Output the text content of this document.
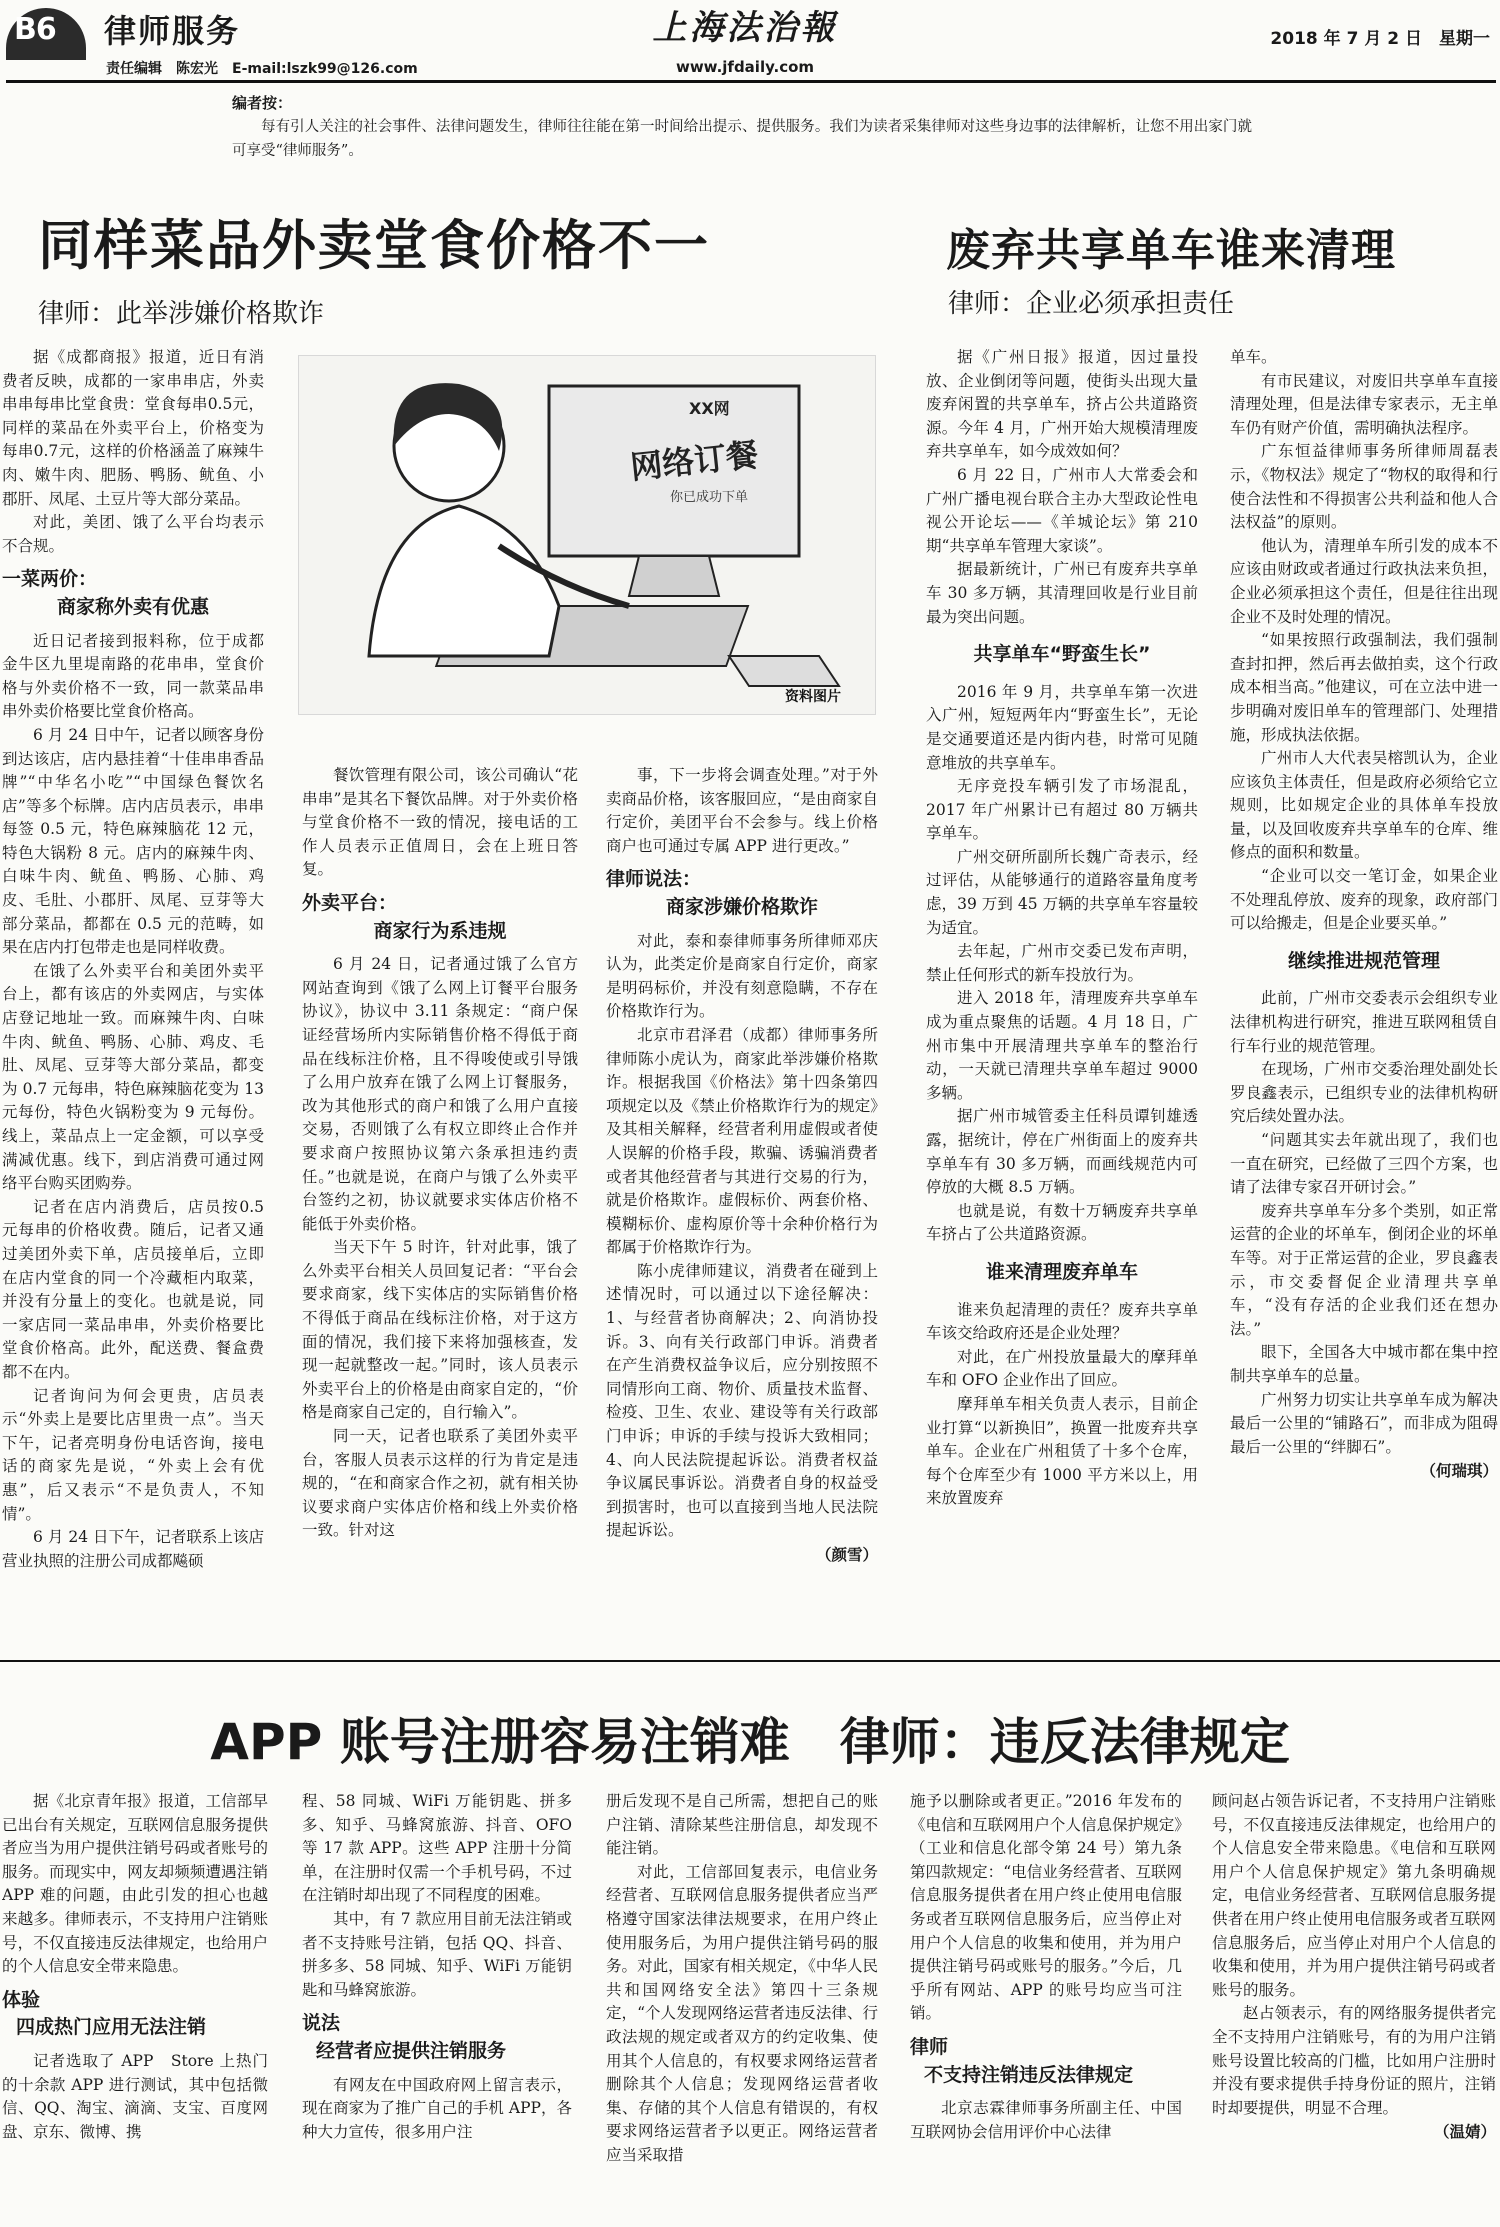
B6 律师服务
责任编辑　陈宏光　E-mail:lszk99@126.com
上海法治報
www.jfdaily.com
2018 年 7 月 2 日　星期一
编者按：
每有引人关注的社会事件、法律问题发生，律师往往能在第一时间给出提示、提供服务。我们为读者采集律师对这些身边事的法律解析，让您不用出家门就可享受“律师服务”。
同样菜品外卖堂食价格不一
律师：此举涉嫌价格欺诈
XX网
网络订餐
你已成功下单
资料图片

据《成都商报》报道，近日有消费者反映，成都的一家串串店，外卖串串每串比堂食贵：堂食每串0.5元，同样的菜品在外卖平台上，价格变为每串0.7元，这样的价格涵盖了麻辣牛肉、嫩牛肉、肥肠、鸭肠、鱿鱼、小郡肝、凤尾、土豆片等大部分菜品。

对此，美团、饿了么平台均表示不合规。

一菜两价：
商家称外卖有优惠

近日记者接到报料称，位于成都金牛区九里堤南路的花串串，堂食价格与外卖价格不一致，同一款菜品串串外卖价格要比堂食价格高。

6 月 24 日中午，记者以顾客身份到达该店，店内悬挂着“十佳串串香品牌”“中华名小吃”“中国绿色餐饮名店”等多个标牌。店内店员表示，串串每签 0.5 元，特色麻辣脑花 12 元，特色大锅粉 8 元。店内的麻辣牛肉、白味牛肉、鱿鱼、鸭肠、心肺、鸡皮、毛肚、小郡肝、凤尾、豆芽等大部分菜品，都都在 0.5 元的范畴，如果在店内打包带走也是同样收费。

在饿了么外卖平台和美团外卖平台上，都有该店的外卖网店，与实体店登记地址一致。而麻辣牛肉、白味牛肉、鱿鱼、鸭肠、心肺、鸡皮、毛肚、凤尾、豆芽等大部分菜品，都变为 0.7 元每串，特色麻辣脑花变为 13 元每份，特色火锅粉变为 9 元每份。线上，菜品点上一定金额，可以享受满减优惠。线下，到店消费可通过网络平台购买团购券。

记者在店内消费后，店员按0.5 元每串的价格收费。随后，记者又通过美团外卖下单，店员接单后，立即在店内堂食的同一个冷藏柜内取菜，并没有分量上的变化。也就是说，同一家店同一菜品串串，外卖价格要比堂食价格高。此外，配送费、餐盒费都不在内。

记者询问为何会更贵，店员表示“外卖上是要比店里贵一点”。当天下午，记者亮明身份电话咨询，接电话的商家先是说，“外卖上会有优惠”，后又表示“不是负责人，不知情”。

6 月 24 日下午，记者联系上该店营业执照的注册公司成都飚硕

餐饮管理有限公司，该公司确认“花串串”是其名下餐饮品牌。对于外卖价格与堂食价格不一致的情况，接电话的工作人员表示正值周日，会在上班日答复。

外卖平台：
商家行为系违规

6 月 24 日，记者通过饿了么官方网站查询到《饿了么网上订餐平台服务协议》，协议中 3.11 条规定：“商户保证经营场所内实际销售价格不得低于商品在线标注价格，且不得唆使或引导饿了么用户放弃在饿了么网上订餐服务，改为其他形式的商户和饿了么用户直接交易，否则饿了么有权立即终止合作并要求商户按照协议第六条承担违约责任。”也就是说，在商户与饿了么外卖平台签约之初，协议就要求实体店价格不能低于外卖价格。

当天下午 5 时许，针对此事，饿了么外卖平台相关人员回复记者：“平台会要求商家，线下实体店的实际销售价格不得低于商品在线标注价格，对于这方面的情况，我们接下来将加强核查，发现一起就整改一起。”同时，该人员表示外卖平台上的价格是由商家自定的，“价格是商家自己定的，自行输入”。

同一天，记者也联系了美团外卖平台，客服人员表示这样的行为肯定是违规的，“在和商家合作之初，就有相关协议要求商户实体店价格和线上外卖价格一致。针对这

事，下一步将会调查处理。”对于外卖商品价格，该客服回应，“是由商家自行定价，美团平台不会参与。线上价格商户也可通过专属 APP 进行更改。”

律师说法：
商家涉嫌价格欺诈

对此，泰和泰律师事务所律师邓庆认为，此类定价是商家自行定价，商家是明码标价，并没有刻意隐瞒，不存在价格欺诈行为。

北京市君泽君（成都）律师事务所律师陈小虎认为，商家此举涉嫌价格欺诈。根据我国《价格法》第十四条第四项规定以及《禁止价格欺诈行为的规定》及其相关解释，经营者利用虚假或者使人误解的价格手段，欺骗、诱骗消费者或者其他经营者与其进行交易的行为，就是价格欺诈。虚假标价、两套价格、模糊标价、虚构原价等十余种价格行为都属于价格欺诈行为。

陈小虎律师建议，消费者在碰到上述情况时，可以通过以下途径解决：1、与经营者协商解决；2、向消协投诉。3、向有关行政部门申诉。消费者在产生消费权益争议后，应分别按照不同情形向工商、物价、质量技术监督、检疫、卫生、农业、建设等有关行政部门申诉；申诉的手续与投诉大致相同；4、向人民法院提起诉讼。消费者权益争议属民事诉讼。消费者自身的权益受到损害时，也可以直接到当地人民法院提起诉讼。

（颜雪）

废弃共享单车谁来清理
律师：企业必须承担责任

据《广州日报》报道，因过量投放、企业倒闭等问题，使街头出现大量废弃闲置的共享单车，挤占公共道路资源。今年 4 月，广州开始大规模清理废弃共享单车，如今成效如何？

6 月 22 日，广州市人大常委会和广州广播电视台联合主办大型政论性电视公开论坛——《羊城论坛》第 210 期“共享单车管理大家谈”。

据最新统计，广州已有废弃共享单车 30 多万辆，其清理回收是行业目前最为突出问题。

共享单车“野蛮生长”

2016 年 9 月，共享单车第一次进入广州，短短两年内“野蛮生长”，无论是交通要道还是内街内巷，时常可见随意堆放的共享单车。

无序竞投车辆引发了市场混乱，2017 年广州累计已有超过 80 万辆共享单车。

广州交研所副所长魏广奇表示，经过评估，从能够通行的道路容量角度考虑，39 万到 45 万辆的共享单车容量较为适宜。

去年起，广州市交委已发布声明，禁止任何形式的新车投放行为。

进入 2018 年，清理废弃共享单车成为重点聚焦的话题。4 月 18 日，广州市集中开展清理共享单车的整治行动，一天就已清理共享单车超过 9000 多辆。

据广州市城管委主任科员谭钊雄透露，据统计，停在广州街面上的废弃共享单车有 30 多万辆，而画线规范内可停放的大概 8.5 万辆。

也就是说，有数十万辆废弃共享单车挤占了公共道路资源。

谁来清理废弃单车

谁来负起清理的责任？废弃共享单车该交给政府还是企业处理？

对此，在广州投放量最大的摩拜单车和 OFO 企业作出了回应。

摩拜单车相关负责人表示，目前企业打算“以新换旧”，换置一批废弃共享单车。企业在广州租赁了十多个仓库，每个仓库至少有 1000 平方米以上，用来放置废弃

单车。

有市民建议，对废旧共享单车直接清理处理，但是法律专家表示，无主单车仍有财产价值，需明确执法程序。

广东恒益律师事务所律师周磊表示，《物权法》规定了“物权的取得和行使合法性和不得损害公共利益和他人合法权益”的原则。

他认为，清理单车所引发的成本不应该由财政或者通过行政执法来负担，企业必须承担这个责任，但是往往出现企业不及时处理的情况。

“如果按照行政强制法，我们强制查封扣押，然后再去做拍卖，这个行政成本相当高。”他建议，可在立法中进一步明确对废旧单车的管理部门、处理措施，形成执法依据。

广州市人大代表吴榕凯认为，企业应该负主体责任，但是政府必须给它立规则，比如规定企业的具体单车投放量，以及回收废弃共享单车的仓库、维修点的面积和数量。

“企业可以交一笔订金，如果企业不处理乱停放、废弃的现象，政府部门可以给搬走，但是企业要买单。”

继续推进规范管理

此前，广州市交委表示会组织专业法律机构进行研究，推进互联网租赁自行车行业的规范管理。

在现场，广州市交委治理处副处长罗良鑫表示，已组织专业的法律机构研究后续处置办法。

“问题其实去年就出现了，我们也一直在研究，已经做了三四个方案，也请了法律专家召开研讨会。”

废弃共享单车分多个类别，如正常运营的企业的坏单车，倒闭企业的坏单车等。对于正常运营的企业，罗良鑫表示，市交委督促企业清理共享单车，“没有存活的企业我们还在想办法。”

眼下，全国各大中城市都在集中控制共享单车的总量。

广州努力切实让共享单车成为解决最后一公里的“铺路石”，而非成为阻碍最后一公里的“绊脚石”。

（何瑞琪）

APP 账号注册容易注销难　律师：违反法律规定

据《北京青年报》报道，工信部早已出台有关规定，互联网信息服务提供者应当为用户提供注销号码或者账号的服务。而现实中，网友却频频遭遇注销 APP 难的问题，由此引发的担心也越来越多。律师表示，不支持用户注销账号，不仅直接违反法律规定，也给用户的个人信息安全带来隐患。

体验
四成热门应用无法注销

记者选取了 APP　Store 上热门的十余款 APP 进行测试，其中包括微信、QQ、淘宝、滴滴、支宝、百度网盘、京东、微博、携

程、58 同城、WiFi 万能钥匙、拼多多、知乎、马蜂窝旅游、抖音、OFO 等 17 款 APP。这些 APP 注册十分简单，在注册时仅需一个手机号码，不过在注销时却出现了不同程度的困难。

其中，有 7 款应用目前无法注销或者不支持账号注销，包括 QQ、抖音、拼多多、58 同城、知乎、WiFi 万能钥匙和马蜂窝旅游。

说法
经营者应提供注销服务

有网友在中国政府网上留言表示，现在商家为了推广自己的手机 APP，各种大力宣传，很多用户注

册后发现不是自己所需，想把自己的账户注销、清除某些注册信息，却发现不能注销。

对此，工信部回复表示，电信业务经营者、互联网信息服务提供者应当严格遵守国家法律法规要求，在用户终止使用服务后，为用户提供注销号码的服务。对此，国家有相关规定，《中华人民共和国网络安全法》第四十三条规定，“个人发现网络运营者违反法律、行政法规的规定或者双方的约定收集、使用其个人信息的，有权要求网络运营者删除其个人信息；发现网络运营者收集、存储的其个人信息有错误的，有权要求网络运营者予以更正。网络运营者应当采取措

施予以删除或者更正。”2016 年发布的《电信和互联网用户个人信息保护规定》（工业和信息化部令第 24 号）第九条第四款规定：“电信业务经营者、互联网信息服务提供者在用户终止使用电信服务或者互联网信息服务后，应当停止对用户个人信息的收集和使用，并为用户提供注销号码或账号的服务。”今后，几乎所有网站、APP 的账号均应当可注销。

律师
不支持注销违反法律规定

北京志霖律师事务所副主任、中国互联网协会信用评价中心法律

顾问赵占领告诉记者，不支持用户注销账号，不仅直接违反法律规定，也给用户的个人信息安全带来隐患。《电信和互联网用户个人信息保护规定》第九条明确规定，电信业务经营者、互联网信息服务提供者在用户终止使用电信服务或者互联网信息服务后，应当停止对用户个人信息的收集和使用，并为用户提供注销号码或者账号的服务。

赵占领表示，有的网络服务提供者完全不支持用户注销账号，有的为用户注销账号设置比较高的门槛，比如用户注册时并没有要求提供手持身份证的照片，注销时却要提供，明显不合理。

（温婧）
